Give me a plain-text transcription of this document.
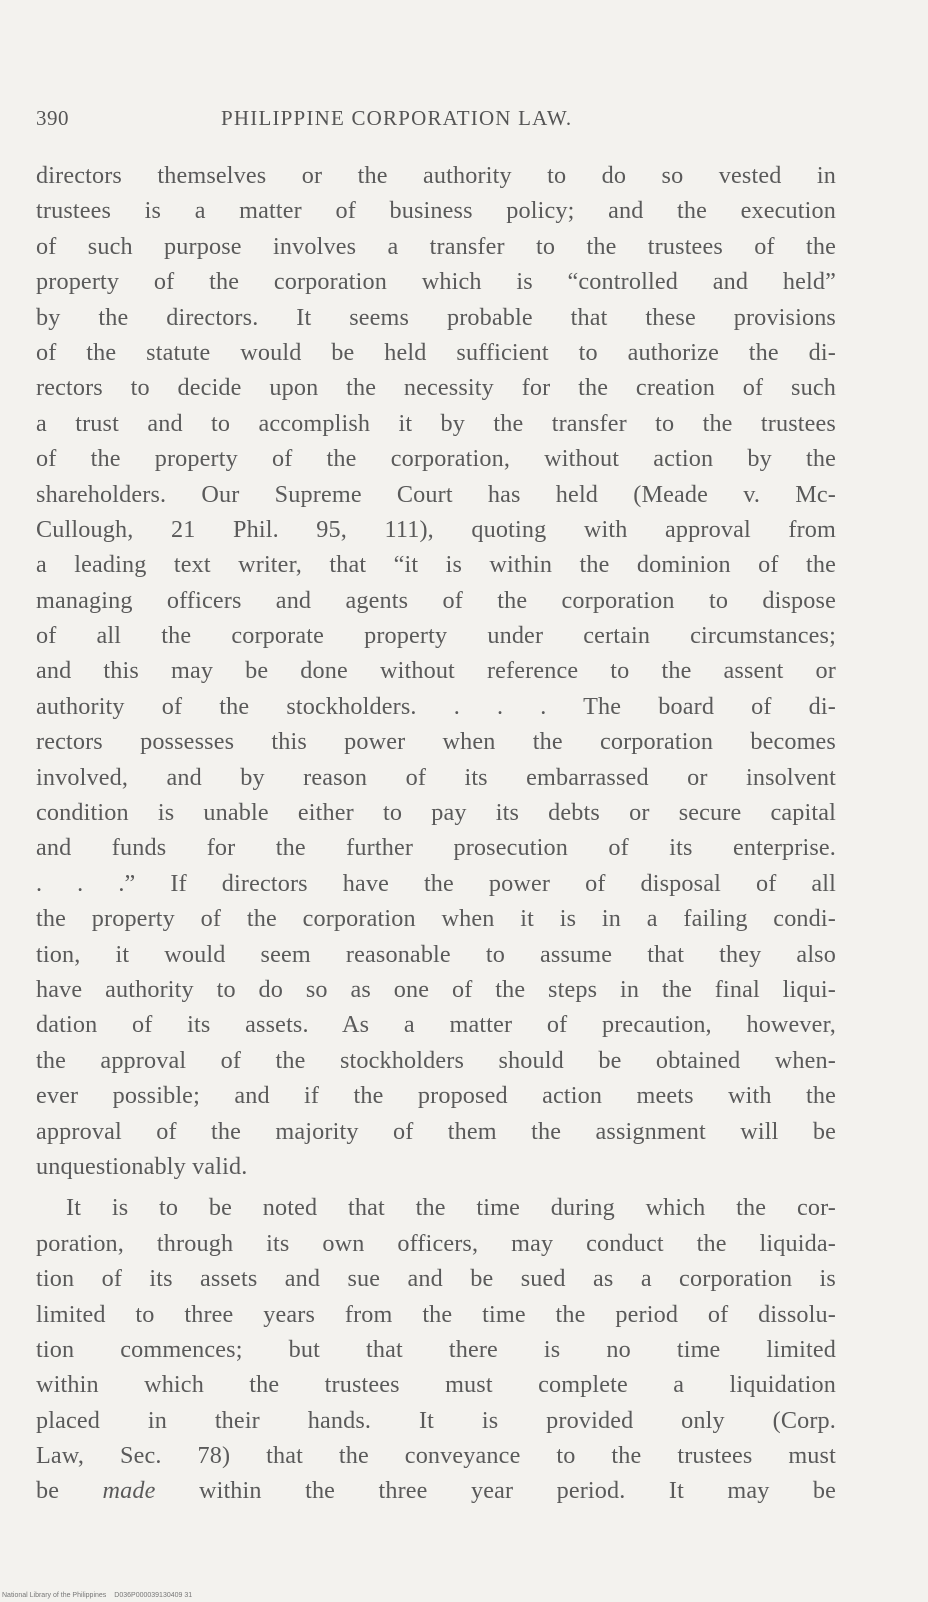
390	PHILIPPINE CORPORATION LAW.
directors themselves or the authority to do so vested in
trustees is a matter of business policy; and the execution
of such purpose involves a transfer to the trustees of the
property of the corporation which is “controlled and held”
by the directors. It seems probable that these provisions
of the statute would be held sufficient to authorize the di-
rectors to decide upon the necessity for the creation of such
a trust and to accomplish it by the transfer to the trustees
of the property of the corporation, without action by the
shareholders. Our Supreme Court has held (Meade v. Mc-
Cullough, 21 Phil. 95, 111), quoting with approval from
a leading text writer, that “it is within the dominion of the
managing officers and agents of the corporation to dispose
of all the corporate property under certain circumstances;
and this may be done without reference to the assent or
authority of the stockholders. . . . The board of di-
rectors possesses this power when the corporation becomes
involved, and by reason of its embarrassed or insolvent
condition is unable either to pay its debts or secure capital
and funds for the further prosecution of its enterprise.
. . .” If directors have the power of disposal of all
the property of the corporation when it is in a failing condi-
tion, it would seem reasonable to assume that they also
have authority to do so as one of the steps in the final liqui-
dation of its assets. As a matter of precaution, however,
the approval of the stockholders should be obtained when-
ever possible; and if the proposed action meets with the
approval of the majority of them the assignment will be
unquestionably valid.
It is to be noted that the time during which the cor-
poration, through its own officers, may conduct the liquida-
tion of its assets and sue and be sued as a corporation is
limited to three years from the time the period of dissolu-
tion commences; but that there is no time limited
within which the trustees must complete a liquidation
placed in their hands. It is provided only (Corp.
Law, Sec. 78) that the conveyance to the trustees must
be made within the three year period. It may be
National Library of the Philippines D036P000039130409 31
